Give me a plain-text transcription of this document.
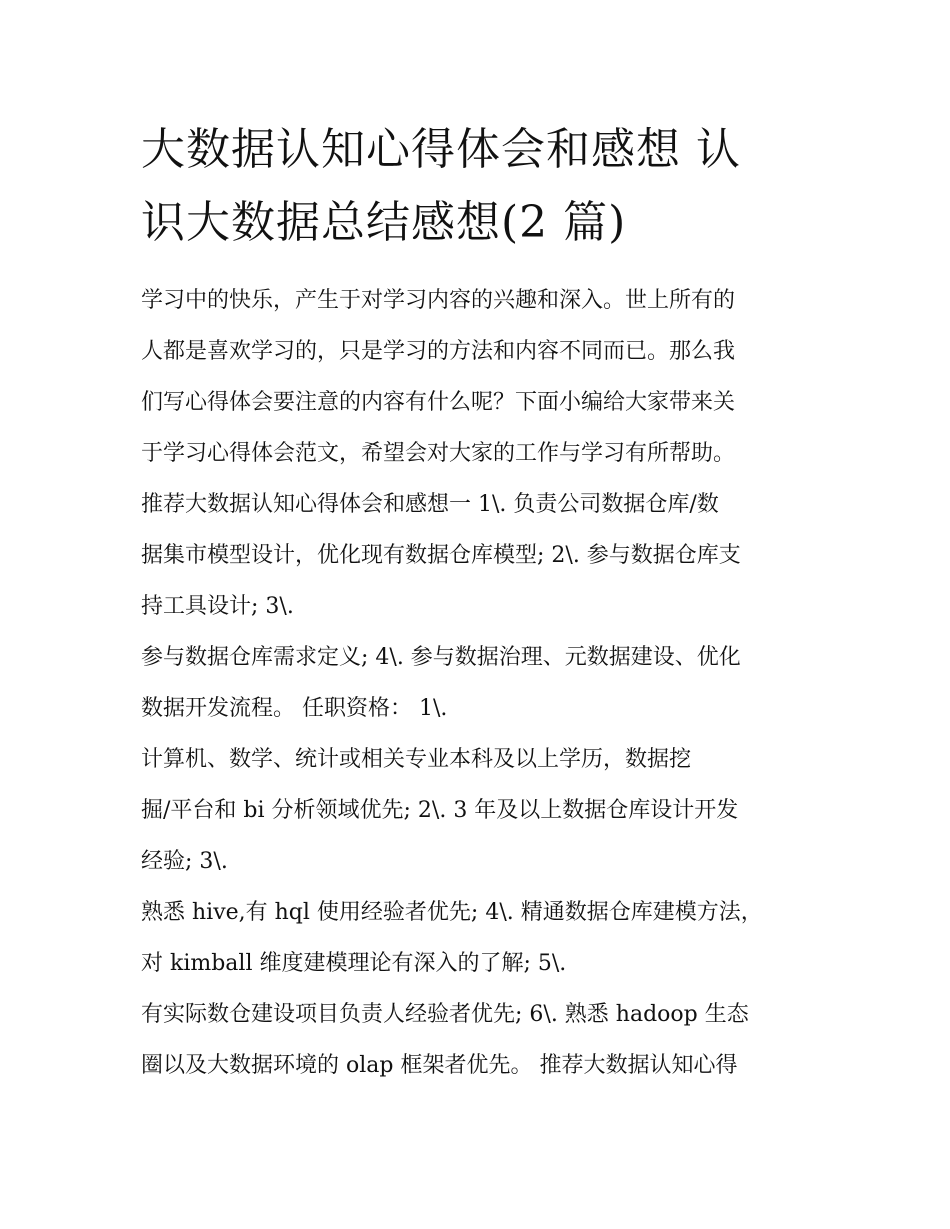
大数据认知心得体会和感想 认
识大数据总结感想(2 篇)
学习中的快乐，产生于对学习内容的兴趣和深入。世上所有的
人都是喜欢学习的，只是学习的方法和内容不同而已。那么我
们写心得体会要注意的内容有什么呢？下面小编给大家带来关
于学习心得体会范文，希望会对大家的工作与学习有所帮助。
推荐大数据认知心得体会和感想一 1\. 负责公司数据仓库/数
据集市模型设计，优化现有数据仓库模型; 2\. 参与数据仓库支
持工具设计; 3\.
参与数据仓库需求定义; 4\. 参与数据治理、元数据建设、优化
数据开发流程。 任职资格： 1\.
计算机、数学、统计或相关专业本科及以上学历，数据挖
掘/平台和 bi 分析领域优先; 2\. 3 年及以上数据仓库设计开发
经验; 3\.
熟悉 hive,有 hql 使用经验者优先; 4\. 精通数据仓库建模方法，
对 kimball 维度建模理论有深入的了解; 5\.
有实际数仓建设项目负责人经验者优先; 6\. 熟悉 hadoop 生态
圈以及大数据环境的 olap 框架者优先。 推荐大数据认知心得
